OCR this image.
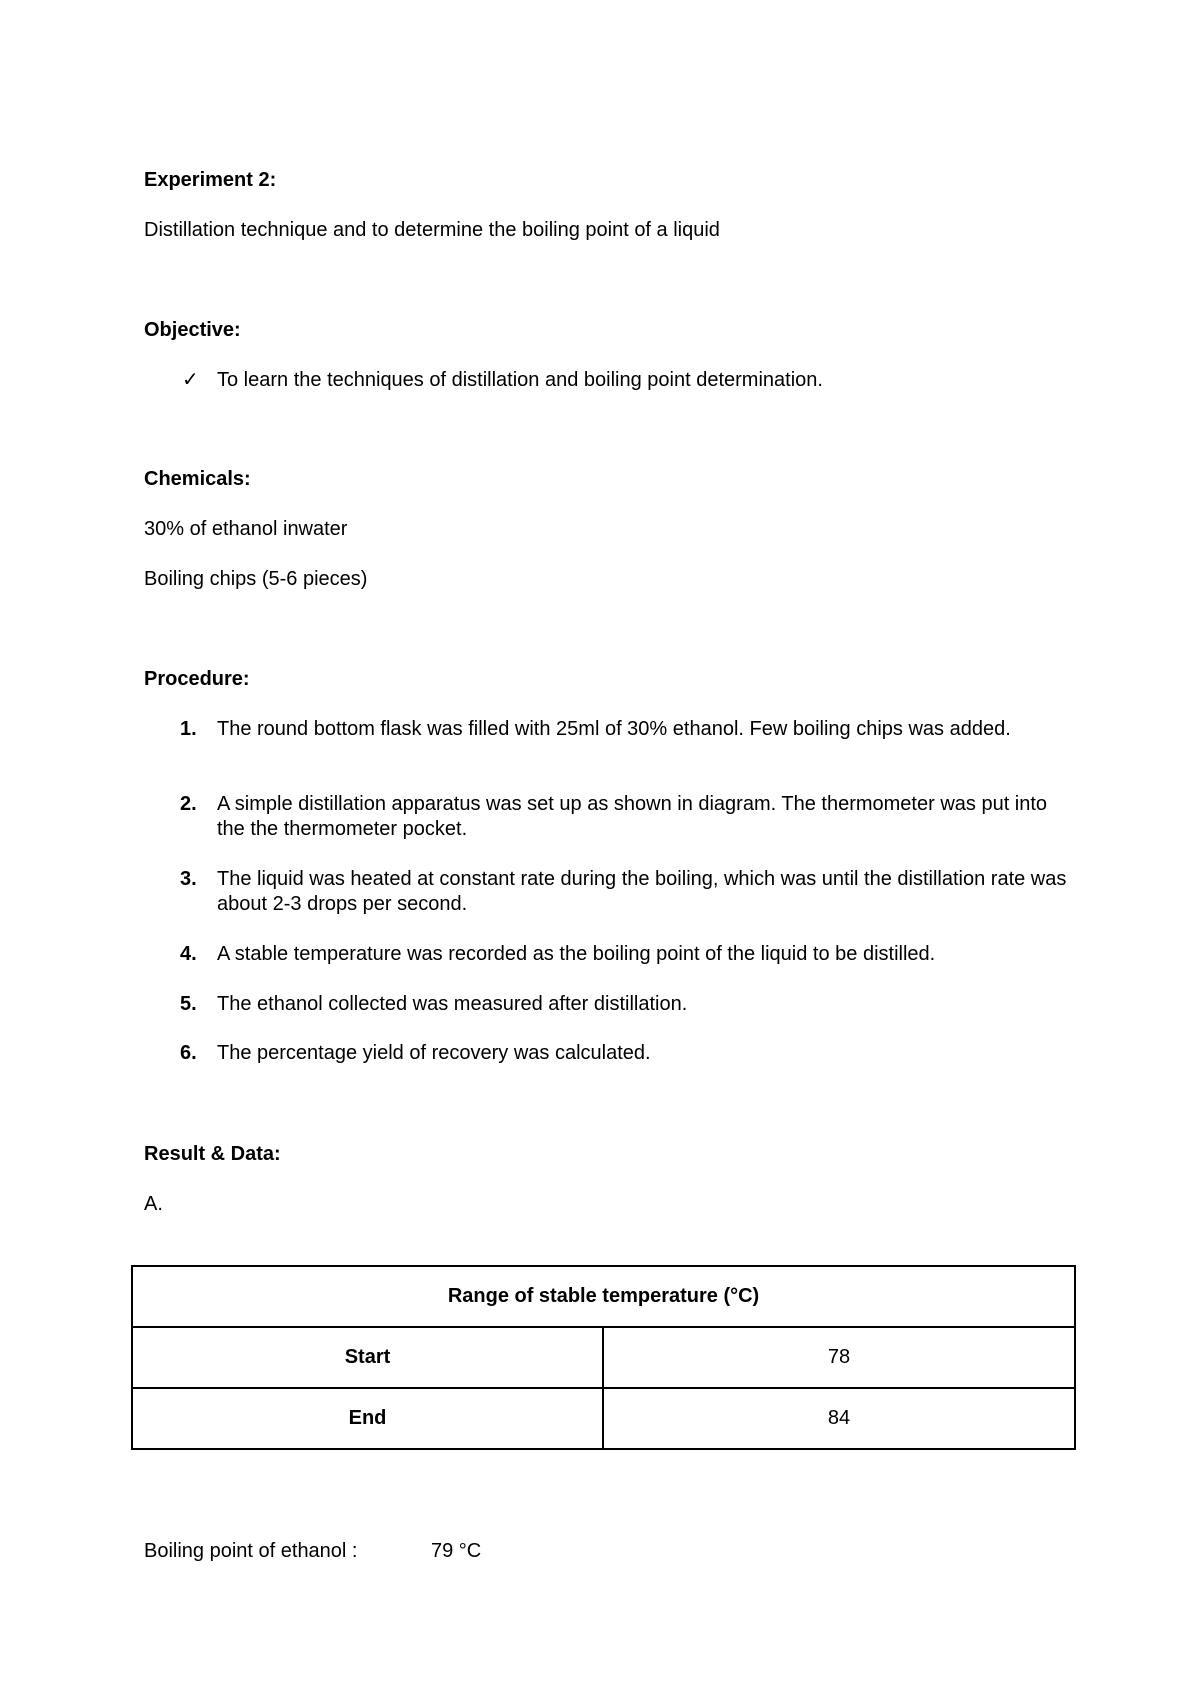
Experiment 2:
Distillation technique and to determine the boiling point of a liquid
Objective:
✓ To learn the techniques of distillation and boiling point determination.
Chemicals:
30% of ethanol inwater
Boiling chips (5-6 pieces)
Procedure:
1.	The round bottom flask was filled with 25ml of 30% ethanol. Few boiling chips was added.
2.	A simple distillation apparatus was set up as shown in diagram. The thermometer was put into the the thermometer pocket.
3.	The liquid was heated at constant rate during the boiling, which was until the distillation rate was about 2-3 drops per second.
4.	A stable temperature was recorded as the boiling point of the liquid to be distilled.
5.	The ethanol collected was measured after distillation.
6.	The percentage yield of recovery was calculated.
Result & Data:
A.
Range of stable temperature (°C)	
Start	78
End	84
Boiling point of ethanol :	79 °C
